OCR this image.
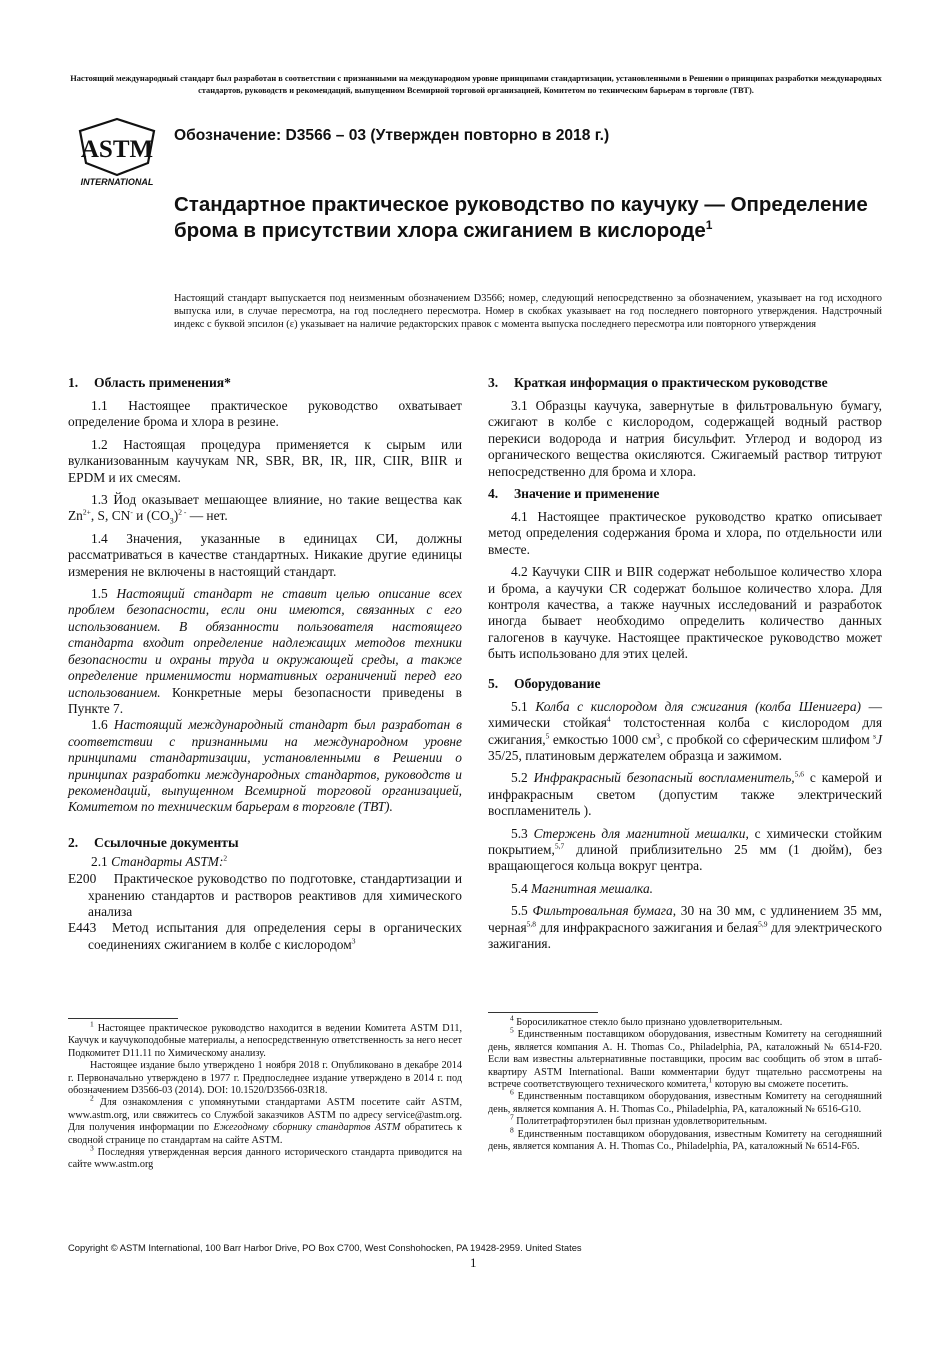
Настоящий международный стандарт был разработан в соответствии с признанными на международном уровне принципами стандартизации, установленными в Решении о принципах разработки международных стандартов, руководств и рекомендаций, выпущенном Всемирной торговой организацией, Комитетом по техническим барьерам в торговле (ТВТ).
ASTM
INTERNATIONAL
Обозначение: D3566 – 03 (Утвержден повторно в 2018 г.)
Стандартное практическое руководство по каучуку — Определение брома в присутствии хлора сжиганием в кислороде$^1$
Настоящий стандарт выпускается под неизменным обозначением D3566; номер, следующий непосредственно за обозначением, указывает на год исходного выпуска или, в случае пересмотра, на год последнего пересмотра. Номер в скобках указывает на год последнего повторного утверждения. Надстрочный индекс с буквой эпсилон (ε) указывает на наличие редакторских правок с момента выпуска последнего пересмотра или повторного утверждения
1. Область применения*

1.1 Настоящее практическое руководство охватывает определение брома и хлора в резине.

1.2 Настоящая процедура применяется к сырым или вулканизованным каучукам NR, SBR, BR, IR, IIR, CIIR, BIIR и EPDM и их смесям.

1.3 Йод оказывает мешающее влияние, но такие вещества как $Zn^{2+}$, S, CN- и $(CO_3)^{2 -}$ — нет.

1.4 Значения, указанные в единицах СИ, должны рассматриваться в качестве стандартных. Никакие другие единицы измерения не включены в настоящий стандарт.

1.5 Настоящий стандарт не ставит целью описание всех проблем безопасности, если они имеются, связанных с его использованием. В обязанности пользователя настоящего стандарта входит определение надлежащих методов техники безопасности и охраны труда и окружающей среды, а также определение применимости нормативных ограничений перед его использованием. Конкретные меры безопасности приведены в Пункте 7.

1.6 Настоящий международный стандарт был разработан в соответствии с признанными на международном уровне принципами стандартизации, установленными в Решении о принципах разработки международных стандартов, руководств и рекомендаций, выпущенном Всемирной торговой организацией, Комитетом по техническим барьерам в торговле (ТВТ).

2. Ссылочные документы

2.1 Стандарты ASTM:$^2$

E200 Практическое руководство по подготовке, стандартизации и хранению стандартов и растворов реактивов для химического анализа

E443 Метод испытания для определения серы в органических соединениях сжиганием в колбе с кислородом$^3$

3. Краткая информация о практическом руководстве

3.1 Образцы каучука, завернутые в фильтровальную бумагу, сжигают в колбе с кислородом, содержащей водный раствор перекиси водорода и натрия бисульфит. Углерод и водород из органического вещества окисляются. Сжигаемый раствор титруют непосредственно для брома и хлора.

4. Значение и применение

4.1 Настоящее практическое руководство кратко описывает метод определения содержания брома и хлора, по отдельности или вместе.

4.2 Каучуки CIIR и BIIR содержат небольшое количество хлора и брома, а каучуки CR содержат большое количество хлора. Для контроля качества, а также научных исследований и разработок иногда бывает необходимо определить количество данных галогенов в каучуке. Настоящее практическое руководство может быть использовано для этих целей.

5. Оборудование

5.1 Колба с кислородом для сжигания (колба Шенигера) — химически стойкая$^4$ толстостенная колба с кислородом для сжигания,$^5$ емкостью 1000 $см^3$, с пробкой со сферическим шлифом $^s$J 35/25, платиновым держателем образца и зажимом.

5.2 Инфракрасный безопасный воспламенитель,$^{5,6}$ с камерой и инфракрасным светом (допустим также электрический воспламенитель ).

5.3 Стержень для магнитной мешалки, с химически стойким покрытием,$^{5,7}$ длиной приблизительно 25 мм (1 дюйм), без вращающегося кольца вокруг центра.

5.4 Магнитная мешалка.

5.5 Фильтровальная бумага, 30 на 30 мм, с удлинением 35 мм, черная$^{5,8}$ для инфракрасного зажигания и белая$^{5,9}$ для электрического зажигания.

$^1$ Настоящее практическое руководство находится в ведении Комитета ASTM D11, Каучук и каучукоподобные материалы, а непосредственную ответственность за него несет Подкомитет D11.11 по Химическому анализу.

Настоящее издание было утверждено 1 ноября 2018 г. Опубликовано в декабре 2014 г. Первоначально утверждено в 1977 г. Предпоследнее издание утверждено в 2014 г. под обозначением D3566-03 (2014). DOI: 10.1520/D3566-03R18.

$^2$ Для ознакомления с упомянутыми стандартами ASTM посетите сайт ASTM, www.astm.org, или свяжитесь со Службой заказчиков ASTM по адресу service@astm.org. Для получения информации по Ежегодному сборнику стандартов ASTM обратитесь к сводной странице по стандартам на сайте ASTM.

$^3$ Последняя утвержденная версия данного исторического стандарта приводится на сайте www.astm.org

$^4$ Боросиликатное стекло было признано удовлетворительным.

$^5$ Единственным поставщиком оборудования, известным Комитету на сегодняшний день, является компания A. H. Thomas Co., Philadelphia, PA, каталожный № 6514-F20. Если вам известны альтернативные поставщики, просим вас сообщить об этом в штаб-квартиру ASTM International. Ваши комментарии будут тщательно рассмотрены на встрече соответствующего технического комитета,$^1$ которую вы сможете посетить.

$^6$ Единственным поставщиком оборудования, известным Комитету на сегодняшний день, является компания A. H. Thomas Co., Philadelphia, PA, каталожный № 6516-G10.

$^7$ Политетрафторэтилен был признан удовлетворительным.

$^8$ Единственным поставщиком оборудования, известным Комитету на сегодняшний день, является компания A. H. Thomas Co., Philadelphia, PA, каталожный № 6514-F65.

Copyright © ASTM International, 100 Barr Harbor Drive, PO Box C700, West Conshohocken, PA 19428-2959. United States
1
